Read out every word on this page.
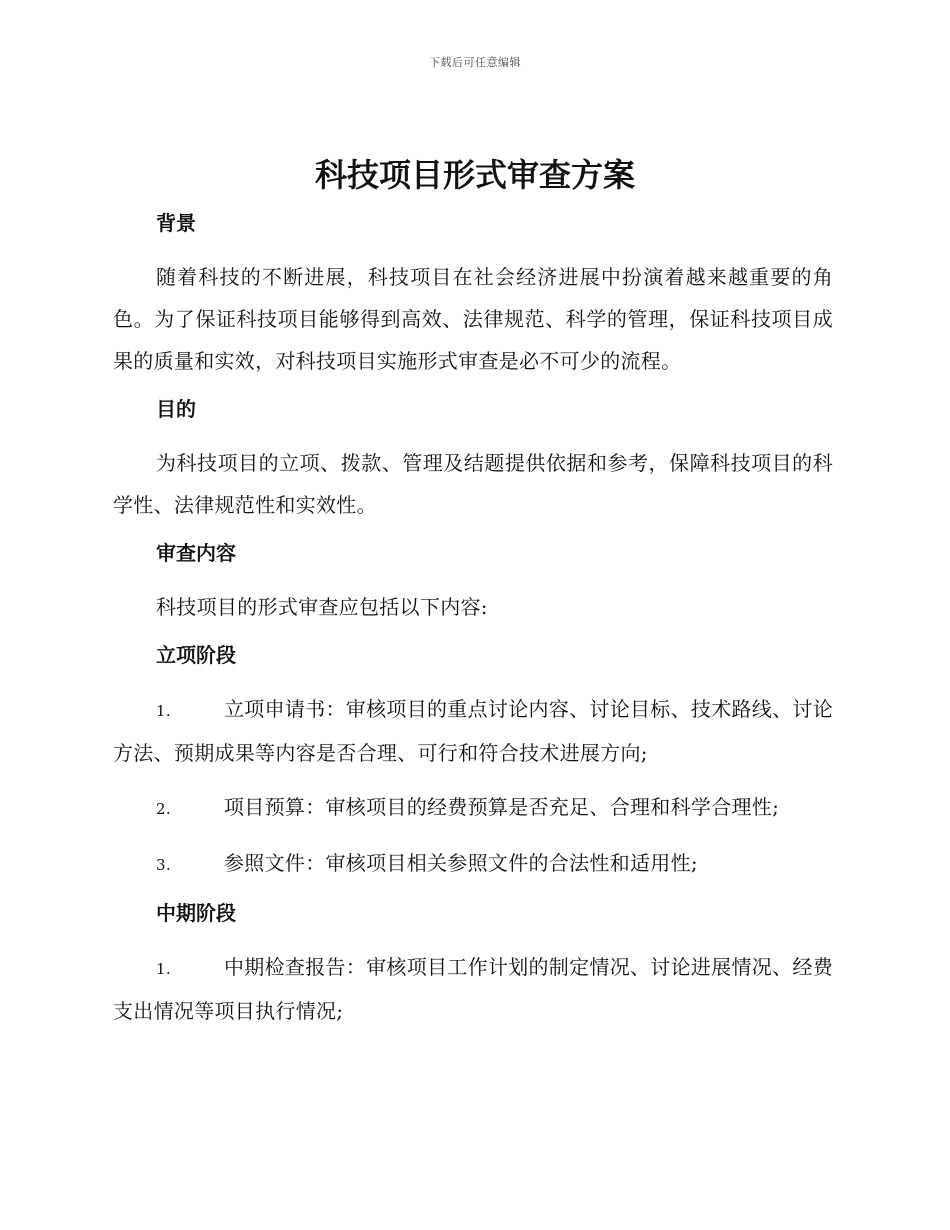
下载后可任意编辑
科技项目形式审查方案
背景

随着科技的不断进展，科技项目在社会经济进展中扮演着越来越重要的角色。为了保证科技项目能够得到高效、法律规范、科学的管理，保证科技项目成果的质量和实效，对科技项目实施形式审查是必不可少的流程。

目的

为科技项目的立项、拨款、管理及结题提供依据和参考，保障科技项目的科学性、法律规范性和实效性。

审查内容

科技项目的形式审查应包括以下内容:

立项阶段

1.	立项申请书：审核项目的重点讨论内容、讨论目标、技术路线、讨论方法、预期成果等内容是否合理、可行和符合技术进展方向;

2.	项目预算：审核项目的经费预算是否充足、合理和科学合理性;

3.	参照文件：审核项目相关参照文件的合法性和适用性;

中期阶段

1.	中期检查报告：审核项目工作计划的制定情况、讨论进展情况、经费支出情况等项目执行情况;
